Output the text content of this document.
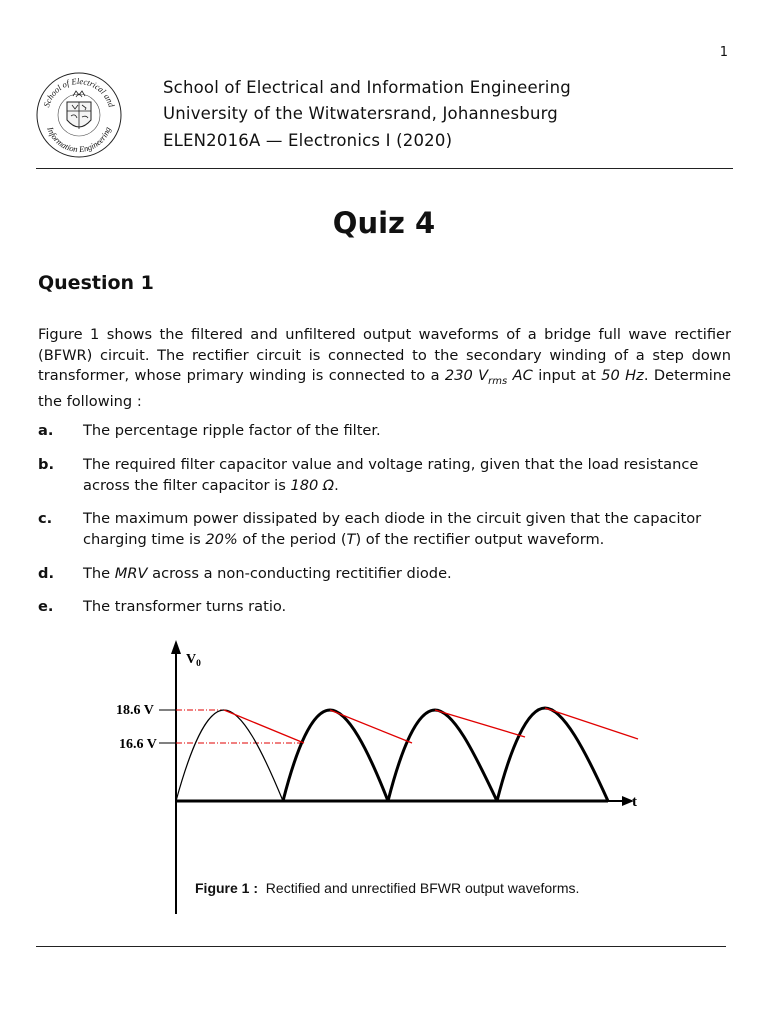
1
School of Electrical and
Information Engineering
School of Electrical and Information Engineering
University of the Witwatersrand, Johannesburg
ELEN2016A — Electronics I (2020)
Quiz 4
Question 1
Figure 1 shows the filtered and unfiltered output waveforms of a bridge full wave rectifier (BFWR) circuit. The rectifier circuit is connected to the secondary winding of a step down transformer, whose primary winding is connected to a 230 $V_{rms}$ AC input at 50 Hz. Determine the following :
a. The percentage ripple factor of the filter.
b. The required filter capacitor value and voltage rating, given that the load resistance across the filter capacitor is 180 Ω.
c. The maximum power dissipated by each diode in the circuit given that the capacitor charging time is 20% of the period (T) of the rectifier output waveform.
d. The MRV across a non-conducting rectitifier diode.
e. The transformer turns ratio.
$V_0$
t
18.6 V
16.6 V
Figure 1 :  Rectified and unrectified BFWR output waveforms.
